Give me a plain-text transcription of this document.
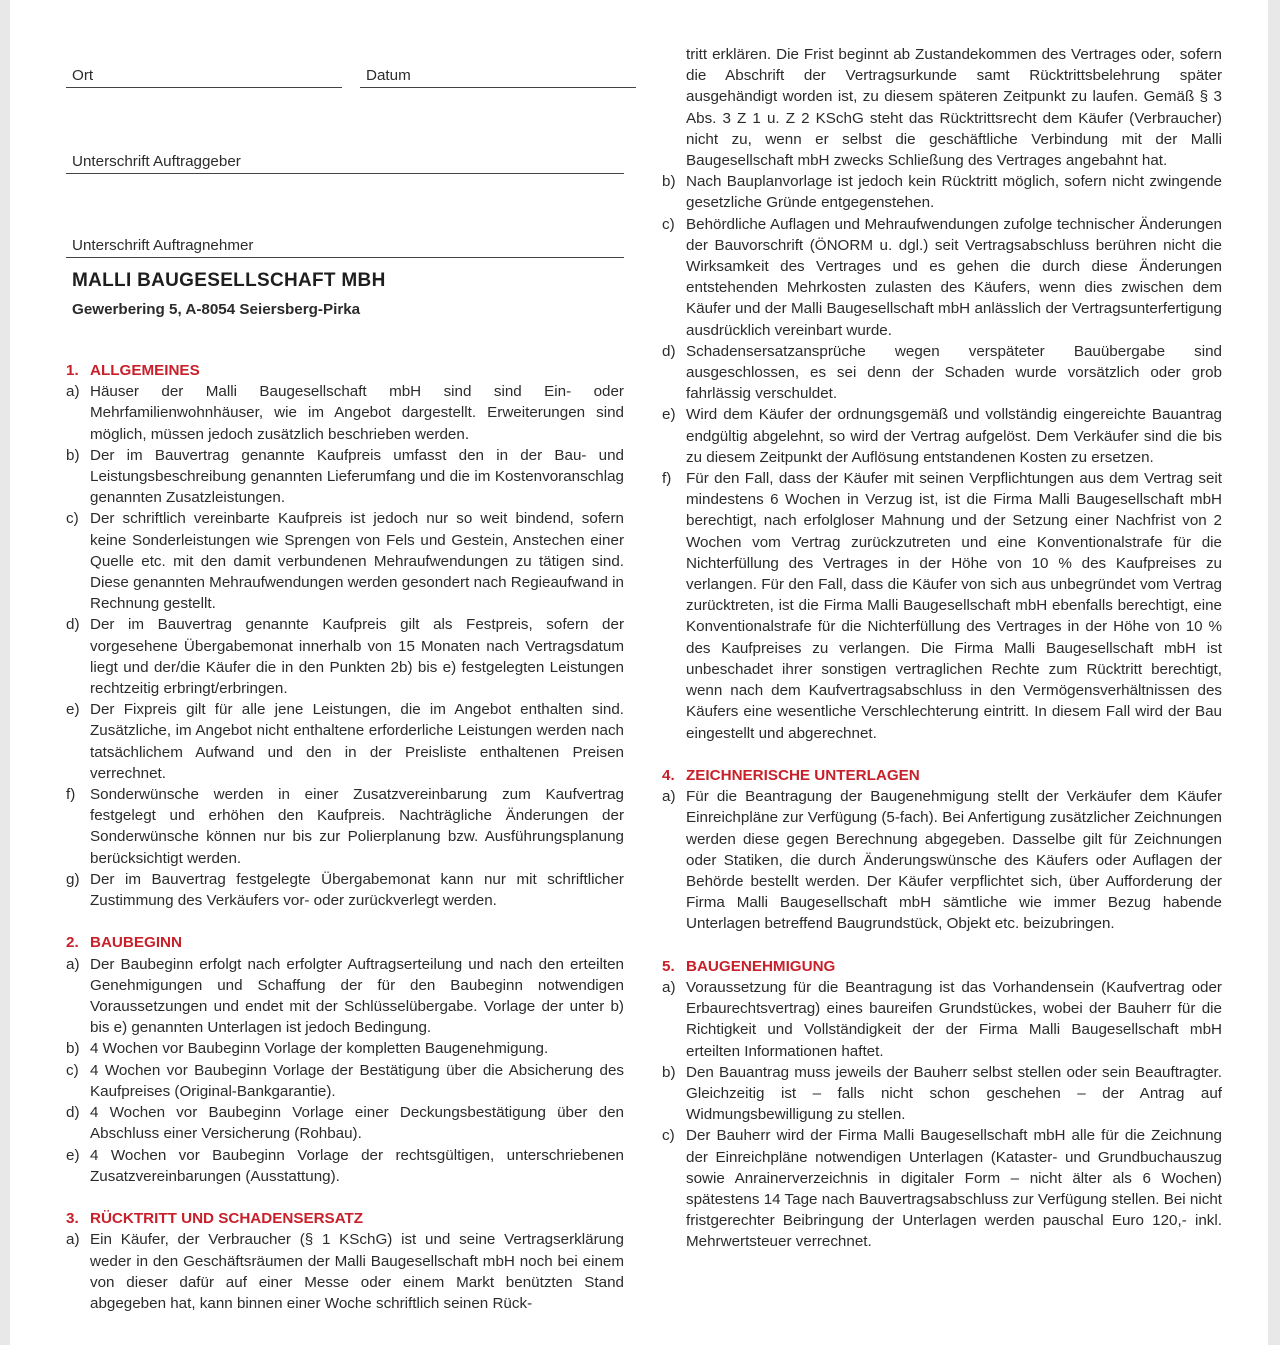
Ort	Datum
Unterschrift Auftraggeber
Unterschrift Auftragnehmer
MALLI BAUGESELLSCHAFT MBH
Gewerbering 5, A-8054 Seiersberg-Pirka
1. ALLGEMEINES
a) Häuser der Malli Baugesellschaft mbH sind sind Ein- oder Mehrfamilienwohnhäuser, wie im Angebot dargestellt. Erweiterungen sind möglich, müssen jedoch zusätzlich beschrieben werden.
b) Der im Bauvertrag genannte Kaufpreis umfasst den in der Bau- und Leistungsbeschreibung genannten Lieferumfang und die im Kostenvoranschlag genannten Zusatzleistungen.
c) Der schriftlich vereinbarte Kaufpreis ist jedoch nur so weit bindend, sofern keine Sonderleistungen wie Sprengen von Fels und Gestein, Anstechen einer Quelle etc. mit den damit verbundenen Mehraufwendungen zu tätigen sind. Diese genannten Mehraufwendungen werden gesondert nach Regieaufwand in Rechnung gestellt.
d) Der im Bauvertrag genannte Kaufpreis gilt als Festpreis, sofern der vorgesehene Übergabemonat innerhalb von 15 Monaten nach Vertragsdatum liegt und der/die Käufer die in den Punkten 2b) bis e) festgelegten Leistungen rechtzeitig erbringt/erbringen.
e) Der Fixpreis gilt für alle jene Leistungen, die im Angebot enthalten sind. Zusätzliche, im Angebot nicht enthaltene erforderliche Leistungen werden nach tatsächlichem Aufwand und den in der Preisliste enthaltenen Preisen verrechnet.
f) Sonderwünsche werden in einer Zusatzvereinbarung zum Kaufvertrag festgelegt und erhöhen den Kaufpreis. Nachträgliche Änderungen der Sonderwünsche können nur bis zur Polierplanung bzw. Ausführungsplanung berücksichtigt werden.
g) Der im Bauvertrag festgelegte Übergabemonat kann nur mit schriftlicher Zustimmung des Verkäufers vor- oder zurückverlegt werden.
2. BAUBEGINN
a) Der Baubeginn erfolgt nach erfolgter Auftragserteilung und nach den erteilten Genehmigungen und Schaffung der für den Baubeginn notwendigen Voraussetzungen und endet mit der Schlüsselübergabe. Vorlage der unter b) bis e) genannten Unterlagen ist jedoch Bedingung.
b) 4 Wochen vor Baubeginn Vorlage der kompletten Baugenehmigung.
c) 4 Wochen vor Baubeginn Vorlage der Bestätigung über die Absicherung des Kaufpreises (Original-Bankgarantie).
d) 4 Wochen vor Baubeginn Vorlage einer Deckungsbestätigung über den Abschluss einer Versicherung (Rohbau).
e) 4 Wochen vor Baubeginn Vorlage der rechtsgültigen, unterschriebenen Zusatzvereinbarungen (Ausstattung).
3. RÜCKTRITT UND SCHADENSERSATZ
a) Ein Käufer, der Verbraucher (§ 1 KSchG) ist und seine Vertragserklärung weder in den Geschäftsräumen der Malli Baugesellschaft mbH noch bei einem von dieser dafür auf einer Messe oder einem Markt benützten Stand abgegeben hat, kann binnen einer Woche schriftlich seinen Rück-
tritt erklären. Die Frist beginnt ab Zustandekommen des Vertrages oder, sofern die Abschrift der Vertragsurkunde samt Rücktrittsbelehrung später ausgehändigt worden ist, zu diesem späteren Zeitpunkt zu laufen. Gemäß § 3 Abs. 3 Z 1 u. Z 2 KSchG steht das Rücktrittsrecht dem Käufer (Verbraucher) nicht zu, wenn er selbst die geschäftliche Verbindung mit der Malli Baugesellschaft mbH zwecks Schließung des Vertrages angebahnt hat.
b) Nach Bauplanvorlage ist jedoch kein Rücktritt möglich, sofern nicht zwingende gesetzliche Gründe entgegenstehen.
c) Behördliche Auflagen und Mehraufwendungen zufolge technischer Änderungen der Bauvorschrift (ÖNORM u. dgl.) seit Vertragsabschluss berühren nicht die Wirksamkeit des Vertrages und es gehen die durch diese Änderungen entstehenden Mehrkosten zulasten des Käufers, wenn dies zwischen dem Käufer und der Malli Baugesellschaft mbH anlässlich der Vertragsunterfertigung ausdrücklich vereinbart wurde.
d) Schadensersatzansprüche wegen verspäteter Bauübergabe sind ausgeschlossen, es sei denn der Schaden wurde vorsätzlich oder grob fahrlässig verschuldet.
e) Wird dem Käufer der ordnungsgemäß und vollständig eingereichte Bauantrag endgültig abgelehnt, so wird der Vertrag aufgelöst. Dem Verkäufer sind die bis zu diesem Zeitpunkt der Auflösung entstandenen Kosten zu ersetzen.
f) Für den Fall, dass der Käufer mit seinen Verpflichtungen aus dem Vertrag seit mindestens 6 Wochen in Verzug ist, ist die Firma Malli Baugesellschaft mbH berechtigt, nach erfolgloser Mahnung und der Setzung einer Nachfrist von 2 Wochen vom Vertrag zurückzutreten und eine Konventionalstrafe für die Nichterfüllung des Vertrages in der Höhe von 10 % des Kaufpreises zu verlangen. Für den Fall, dass die Käufer von sich aus unbegründet vom Vertrag zurücktreten, ist die Firma Malli Baugesellschaft mbH ebenfalls berechtigt, eine Konventionalstrafe für die Nichterfüllung des Vertrages in der Höhe von 10 % des Kaufpreises zu verlangen. Die Firma Malli Baugesellschaft mbH ist unbeschadet ihrer sonstigen vertraglichen Rechte zum Rücktritt berechtigt, wenn nach dem Kaufvertragsabschluss in den Vermögensverhältnissen des Käufers eine wesentliche Verschlechterung eintritt. In diesem Fall wird der Bau eingestellt und abgerechnet.
4. ZEICHNERISCHE UNTERLAGEN
a) Für die Beantragung der Baugenehmigung stellt der Verkäufer dem Käufer Einreichpläne zur Verfügung (5-fach). Bei Anfertigung zusätzlicher Zeichnungen werden diese gegen Berechnung abgegeben. Dasselbe gilt für Zeichnungen oder Statiken, die durch Änderungswünsche des Käufers oder Auflagen der Behörde bestellt werden. Der Käufer verpflichtet sich, über Aufforderung der Firma Malli Baugesellschaft mbH sämtliche wie immer Bezug habende Unterlagen betreffend Baugrundstück, Objekt etc. beizubringen.
5. BAUGENEHMIGUNG
a) Voraussetzung für die Beantragung ist das Vorhandensein (Kaufvertrag oder Erbaurechtsvertrag) eines baureifen Grundstückes, wobei der Bauherr für die Richtigkeit und Vollständigkeit der der Firma Malli Baugesellschaft mbH erteilten Informationen haftet.
b) Den Bauantrag muss jeweils der Bauherr selbst stellen oder sein Beauftragter. Gleichzeitig ist – falls nicht schon geschehen – der Antrag auf Widmungsbewilligung zu stellen.
c) Der Bauherr wird der Firma Malli Baugesellschaft mbH alle für die Zeichnung der Einreichpläne notwendigen Unterlagen (Kataster- und Grundbuchauszug sowie Anrainerverzeichnis in digitaler Form – nicht älter als 6 Wochen) spätestens 14 Tage nach Bauvertragsabschluss zur Verfügung stellen. Bei nicht fristgerechter Beibringung der Unterlagen werden pauschal Euro 120,- inkl. Mehrwertsteuer verrechnet.
